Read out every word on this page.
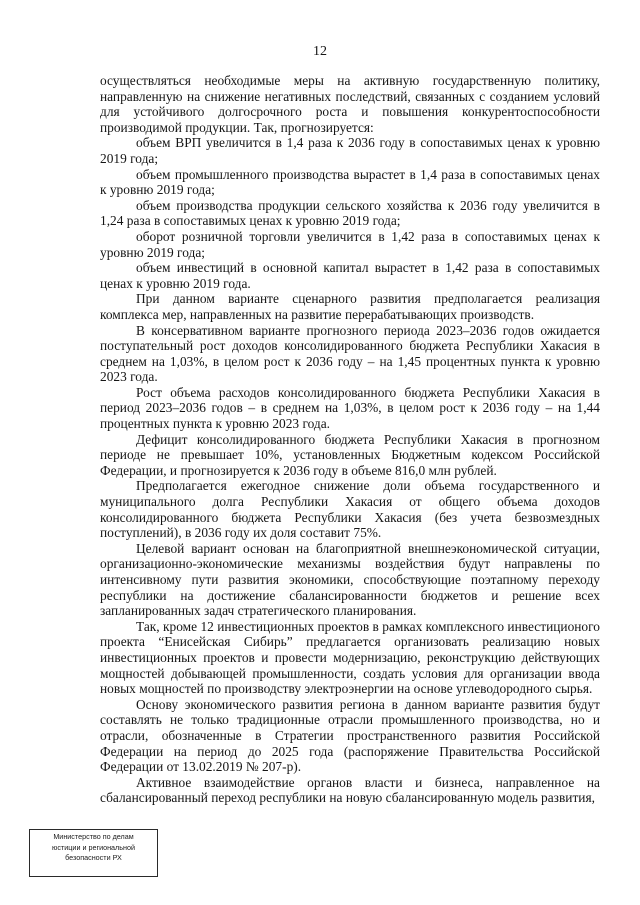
12

осуществляться необходимые меры на активную государственную политику, направленную на снижение негативных последствий, связанных с созданием условий для устойчивого долгосрочного роста и повышения конкурентоспособности производимой продукции. Так, прогнозируется:

объем ВРП увеличится в 1,4 раза к 2036 году в сопоставимых ценах к уровню 2019 года;

объем промышленного производства вырастет в 1,4 раза в сопоставимых ценах к уровню 2019 года;

объем производства продукции сельского хозяйства к 2036 году увеличится в 1,24 раза в сопоставимых ценах к уровню 2019 года;

оборот розничной торговли увеличится в 1,42 раза в сопоставимых ценах к уровню 2019 года;

объем инвестиций в основной капитал вырастет в 1,42 раза в сопоставимых ценах к уровню 2019 года.

При данном варианте сценарного развития предполагается реализация комплекса мер, направленных на развитие перерабатывающих производств.

В консервативном варианте прогнозного периода 2023–2036 годов ожидается поступательный рост доходов консолидированного бюджета Республики Хакасия в среднем на 1,03%, в целом рост к 2036 году – на 1,45 процентных пункта к уровню 2023 года.

Рост объема расходов консолидированного бюджета Республики Хакасия в период 2023–2036 годов – в среднем на 1,03%, в целом рост к 2036 году – на 1,44 процентных пункта к уровню 2023 года.

Дефицит консолидированного бюджета Республики Хакасия в прогнозном периоде не превышает 10%, установленных Бюджетным кодексом Российской Федерации, и прогнозируется к 2036 году в объеме 816,0 млн рублей.

Предполагается ежегодное снижение доли объема государственного и муниципального долга Республики Хакасия от общего объема доходов консолидированного бюджета Республики Хакасия (без учета безвозмездных поступлений), в 2036 году их доля составит 75%.

Целевой вариант основан на благоприятной внешнеэкономической ситуации, организационно-экономические механизмы воздействия будут направлены по интенсивному пути развития экономики, способствующие поэтапному переходу республики на достижение сбалансированности бюджетов и решение всех запланированных задач стратегического планирования.

Так, кроме 12 инвестиционных проектов в рамках комплексного инвестиционого проекта “Енисейская Сибирь” предлагается организовать реализацию новых инвестиционных проектов и провести модернизацию, реконструкцию действующих мощностей добывающей промышленности, создать условия для организации ввода новых мощностей по производству электроэнергии на основе углеводородного сырья.

Основу экономического развития региона в данном варианте развития будут составлять не только традиционные отрасли промышленного производства, но и отрасли, обозначенные в Стратегии пространственного развития Российской Федерации на период до 2025 года (распоряжение Правительства Российской Федерации от 13.02.2019 № 207-р).

Активное взаимодействие органов власти и бизнеса, направленное на сбалансированный переход республики на новую сбалансированную модель развития,

Министерство по делам
юстиции и региональной
безопасности РХ
